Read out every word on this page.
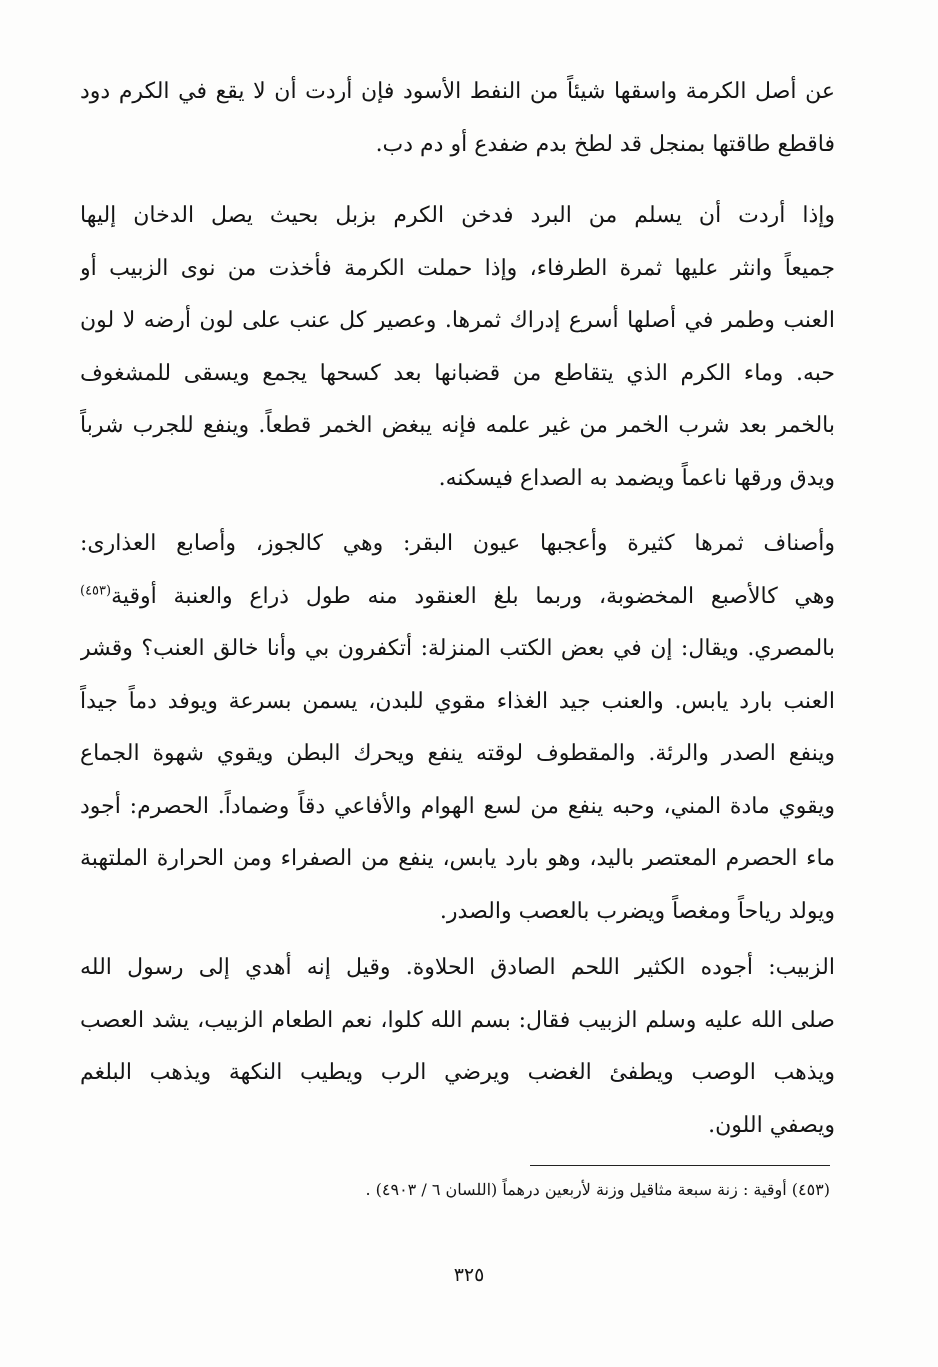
عن أصل الكرمة واسقها شيئاً من النفط الأسود فإن أردت أن لا يقع في الكرم دود
فاقطع طاقتها بمنجل قد لطخ بدم ضفدع أو دم دب.
وإذا أردت أن يسلم من البرد فدخن الكرم بزبل بحيث يصل الدخان إليها
جميعاً وانثر عليها ثمرة الطرفاء، وإذا حملت الكرمة فأخذت من نوى الزبيب أو
العنب وطمر في أصلها أسرع إدراك ثمرها. وعصير كل عنب على لون أرضه لا لون
حبه. وماء الكرم الذي يتقاطع من قضبانها بعد كسحها يجمع ويسقى للمشغوف
بالخمر بعد شرب الخمر من غير علمه فإنه يبغض الخمر قطعاً. وينفع للجرب شرباً
ويدق ورقها ناعماً ويضمد به الصداع فيسكنه.
وأصناف ثمرها كثيرة وأعجبها عيون البقر: وهي كالجوز، وأصابع العذارى:
وهي كالأصبع المخضوبة، وربما بلغ العنقود منه طول ذراع والعنبة أوقية$^{(٤٥٣)}$
بالمصري. ويقال: إن في بعض الكتب المنزلة: أتكفرون بي وأنا خالق العنب؟ وقشر
العنب بارد يابس. والعنب جيد الغذاء مقوي للبدن، يسمن بسرعة ويوفد دماً جيداً
وينفع الصدر والرئة. والمقطوف لوقته ينفع ويحرك البطن ويقوي شهوة الجماع
ويقوي مادة المني، وحبه ينفع من لسع الهوام والأفاعي دقاً وضماداً. الحصرم: أجود
ماء الحصرم المعتصر باليد، وهو بارد يابس، ينفع من الصفراء ومن الحرارة الملتهبة
ويولد رياحاً ومغصاً ويضرب بالعصب والصدر.
الزبيب: أجوده الكثير اللحم الصادق الحلاوة. وقيل إنه أهدي إلى رسول الله
صلى الله عليه وسلم الزبيب فقال: بسم الله كلوا، نعم الطعام الزبيب، يشد العصب
ويذهب الوصب ويطفئ الغضب ويرضي الرب ويطيب النكهة ويذهب البلغم
ويصفي اللون.
(٤٥٣) أوقية : زنة سبعة مثاقيل وزنة لأربعين درهماً (اللسان ٦ / ٤٩٠٣) .
٣٢٥
